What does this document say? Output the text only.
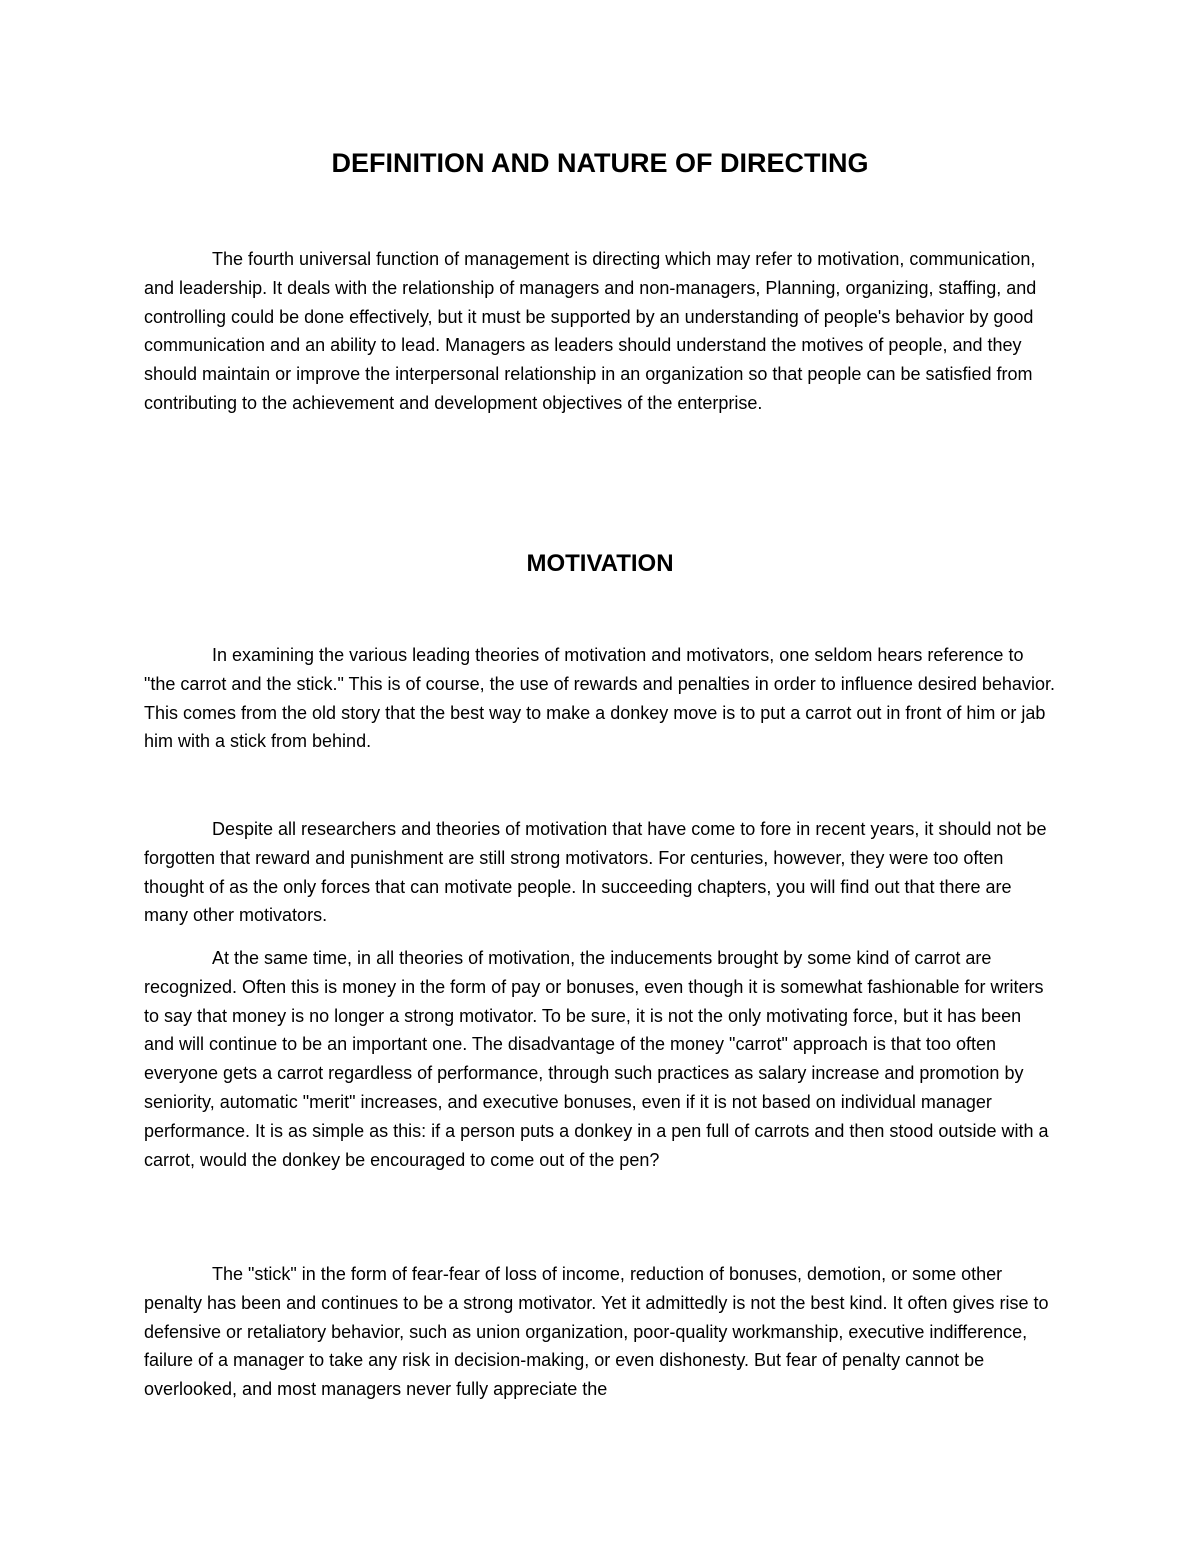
DEFINITION AND NATURE OF DIRECTING

The fourth universal function of management is directing which may refer to motivation, communication, and leadership. It deals with the relationship of managers and non-managers, Planning, organizing, staffing, and controlling could be done effectively, but it must be supported by an understanding of people's behavior by good communication and an ability to lead. Managers as leaders should understand the motives of people, and they should maintain or improve the interpersonal relationship in an organization so that people can be satisfied from contributing to the achievement and development objectives of the enterprise.

MOTIVATION

In examining the various leading theories of motivation and motivators, one seldom hears reference to "the carrot and the stick." This is of course, the use of rewards and penalties in order to influence desired behavior. This comes from the old story that the best way to make a donkey move is to put a carrot out in front of him or jab him with a stick from behind.

Despite all researchers and theories of motivation that have come to fore in recent years, it should not be forgotten that reward and punishment are still strong motivators. For centuries, however, they were too often thought of as the only forces that can motivate people. In succeeding chapters, you will find out that there are many other motivators.

At the same time, in all theories of motivation, the inducements brought by some kind of carrot are recognized. Often this is money in the form of pay or bonuses, even though it is somewhat fashionable for writers to say that money is no longer a strong motivator. To be sure, it is not the only motivating force, but it has been and will continue to be an important one. The disadvantage of the money "carrot" approach is that too often everyone gets a carrot regardless of performance, through such practices as salary increase and promotion by seniority, automatic "merit" increases, and executive bonuses, even if it is not based on individual manager performance. It is as simple as this: if a person puts a donkey in a pen full of carrots and then stood outside with a carrot, would the donkey be encouraged to come out of the pen?

The "stick" in the form of fear-fear of loss of income, reduction of bonuses, demotion, or some other penalty has been and continues to be a strong motivator. Yet it admittedly is not the best kind. It often gives rise to defensive or retaliatory behavior, such as union organization, poor-quality workmanship, executive indifference, failure of a manager to take any risk in decision-making, or even dishonesty. But fear of penalty cannot be overlooked, and most managers never fully appreciate the
